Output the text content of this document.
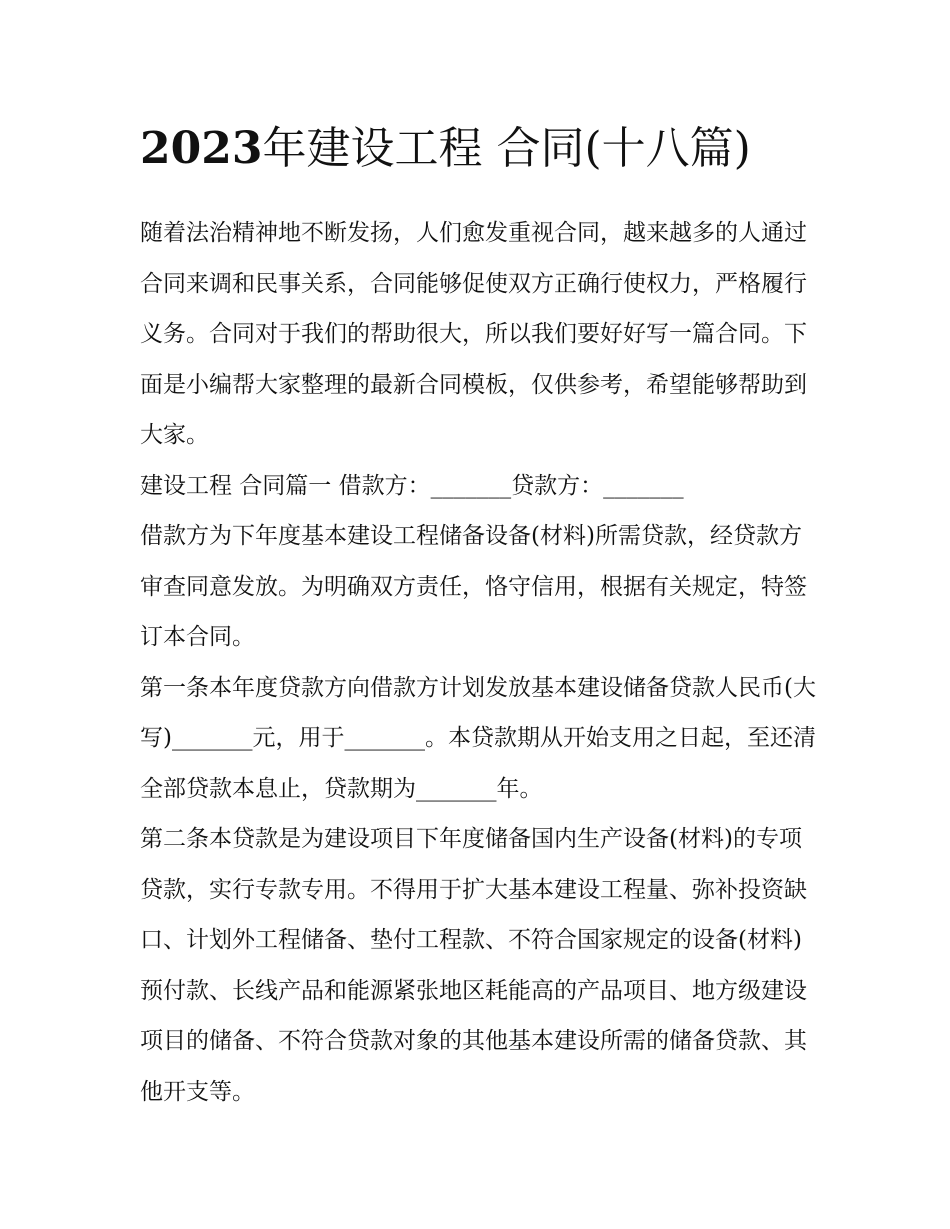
2023年建设工程 合同(十八篇)

随着法治精神地不断发扬，人们愈发重视合同，越来越多的人通过合同来调和民事关系，合同能够促使双方正确行使权力，严格履行义务。合同对于我们的帮助很大，所以我们要好好写一篇合同。下面是小编帮大家整理的最新合同模板，仅供参考，希望能够帮助到大家。

建设工程 合同篇一 借款方：_______贷款方：_______

借款方为下年度基本建设工程储备设备(材料)所需贷款，经贷款方审查同意发放。为明确双方责任，恪守信用，根据有关规定，特签订本合同。

第一条本年度贷款方向借款方计划发放基本建设储备贷款人民币(大写)_______元，用于_______。本贷款期从开始支用之日起，至还清全部贷款本息止，贷款期为_______年。

第二条本贷款是为建设项目下年度储备国内生产设备(材料)的专项贷款，实行专款专用。不得用于扩大基本建设工程量、弥补投资缺口、计划外工程储备、垫付工程款、不符合国家规定的设备(材料)预付款、长线产品和能源紧张地区耗能高的产品项目、地方级建设项目的储备、不符合贷款对象的其他基本建设所需的储备贷款、其他开支等。
